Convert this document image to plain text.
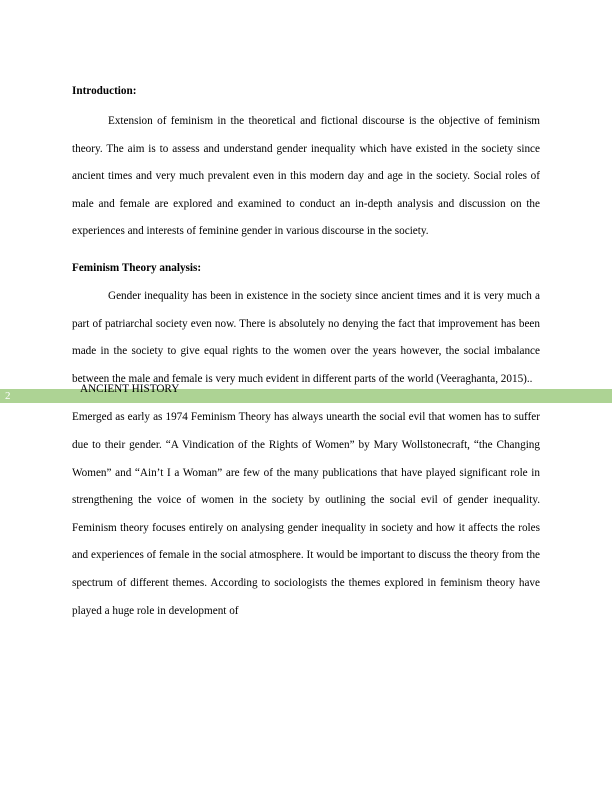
Introduction:

Extension of feminism in the theoretical and fictional discourse is the objective of feminism theory. The aim is to assess and understand gender inequality which have existed in the society since ancient times and very much prevalent even in this modern day and age in the society. Social roles of male and female are explored and examined to conduct an in-depth analysis and discussion on the experiences and interests of feminine gender in various discourse in the society.

Feminism Theory analysis:

Gender inequality has been in existence in the society since ancient times and it is very much a part of patriarchal society even now. There is absolutely no denying the fact that improvement has been made in the society to give equal rights to the women over the years however, the social imbalance between the male and female is very much evident in different parts of the world (Veeraghanta, 2015)..

Emerged as early as 1974 Feminism Theory has always unearth the social evil that women has to suffer due to their gender. “A Vindication of the Rights of Women” by Mary Wollstonecraft, “the Changing Women” and “Ain’t I a Woman” are few of the many publications that have played significant role in strengthening the voice of women in the society by outlining the social evil of gender inequality. Feminism theory focuses entirely on analysing gender inequality in society and how it affects the roles and experiences of female in the social atmosphere. It would be important to discuss the theory from the spectrum of different themes. According to sociologists the themes explored in feminism theory have played a huge role in development of

2
ANCIENT HISTORY
